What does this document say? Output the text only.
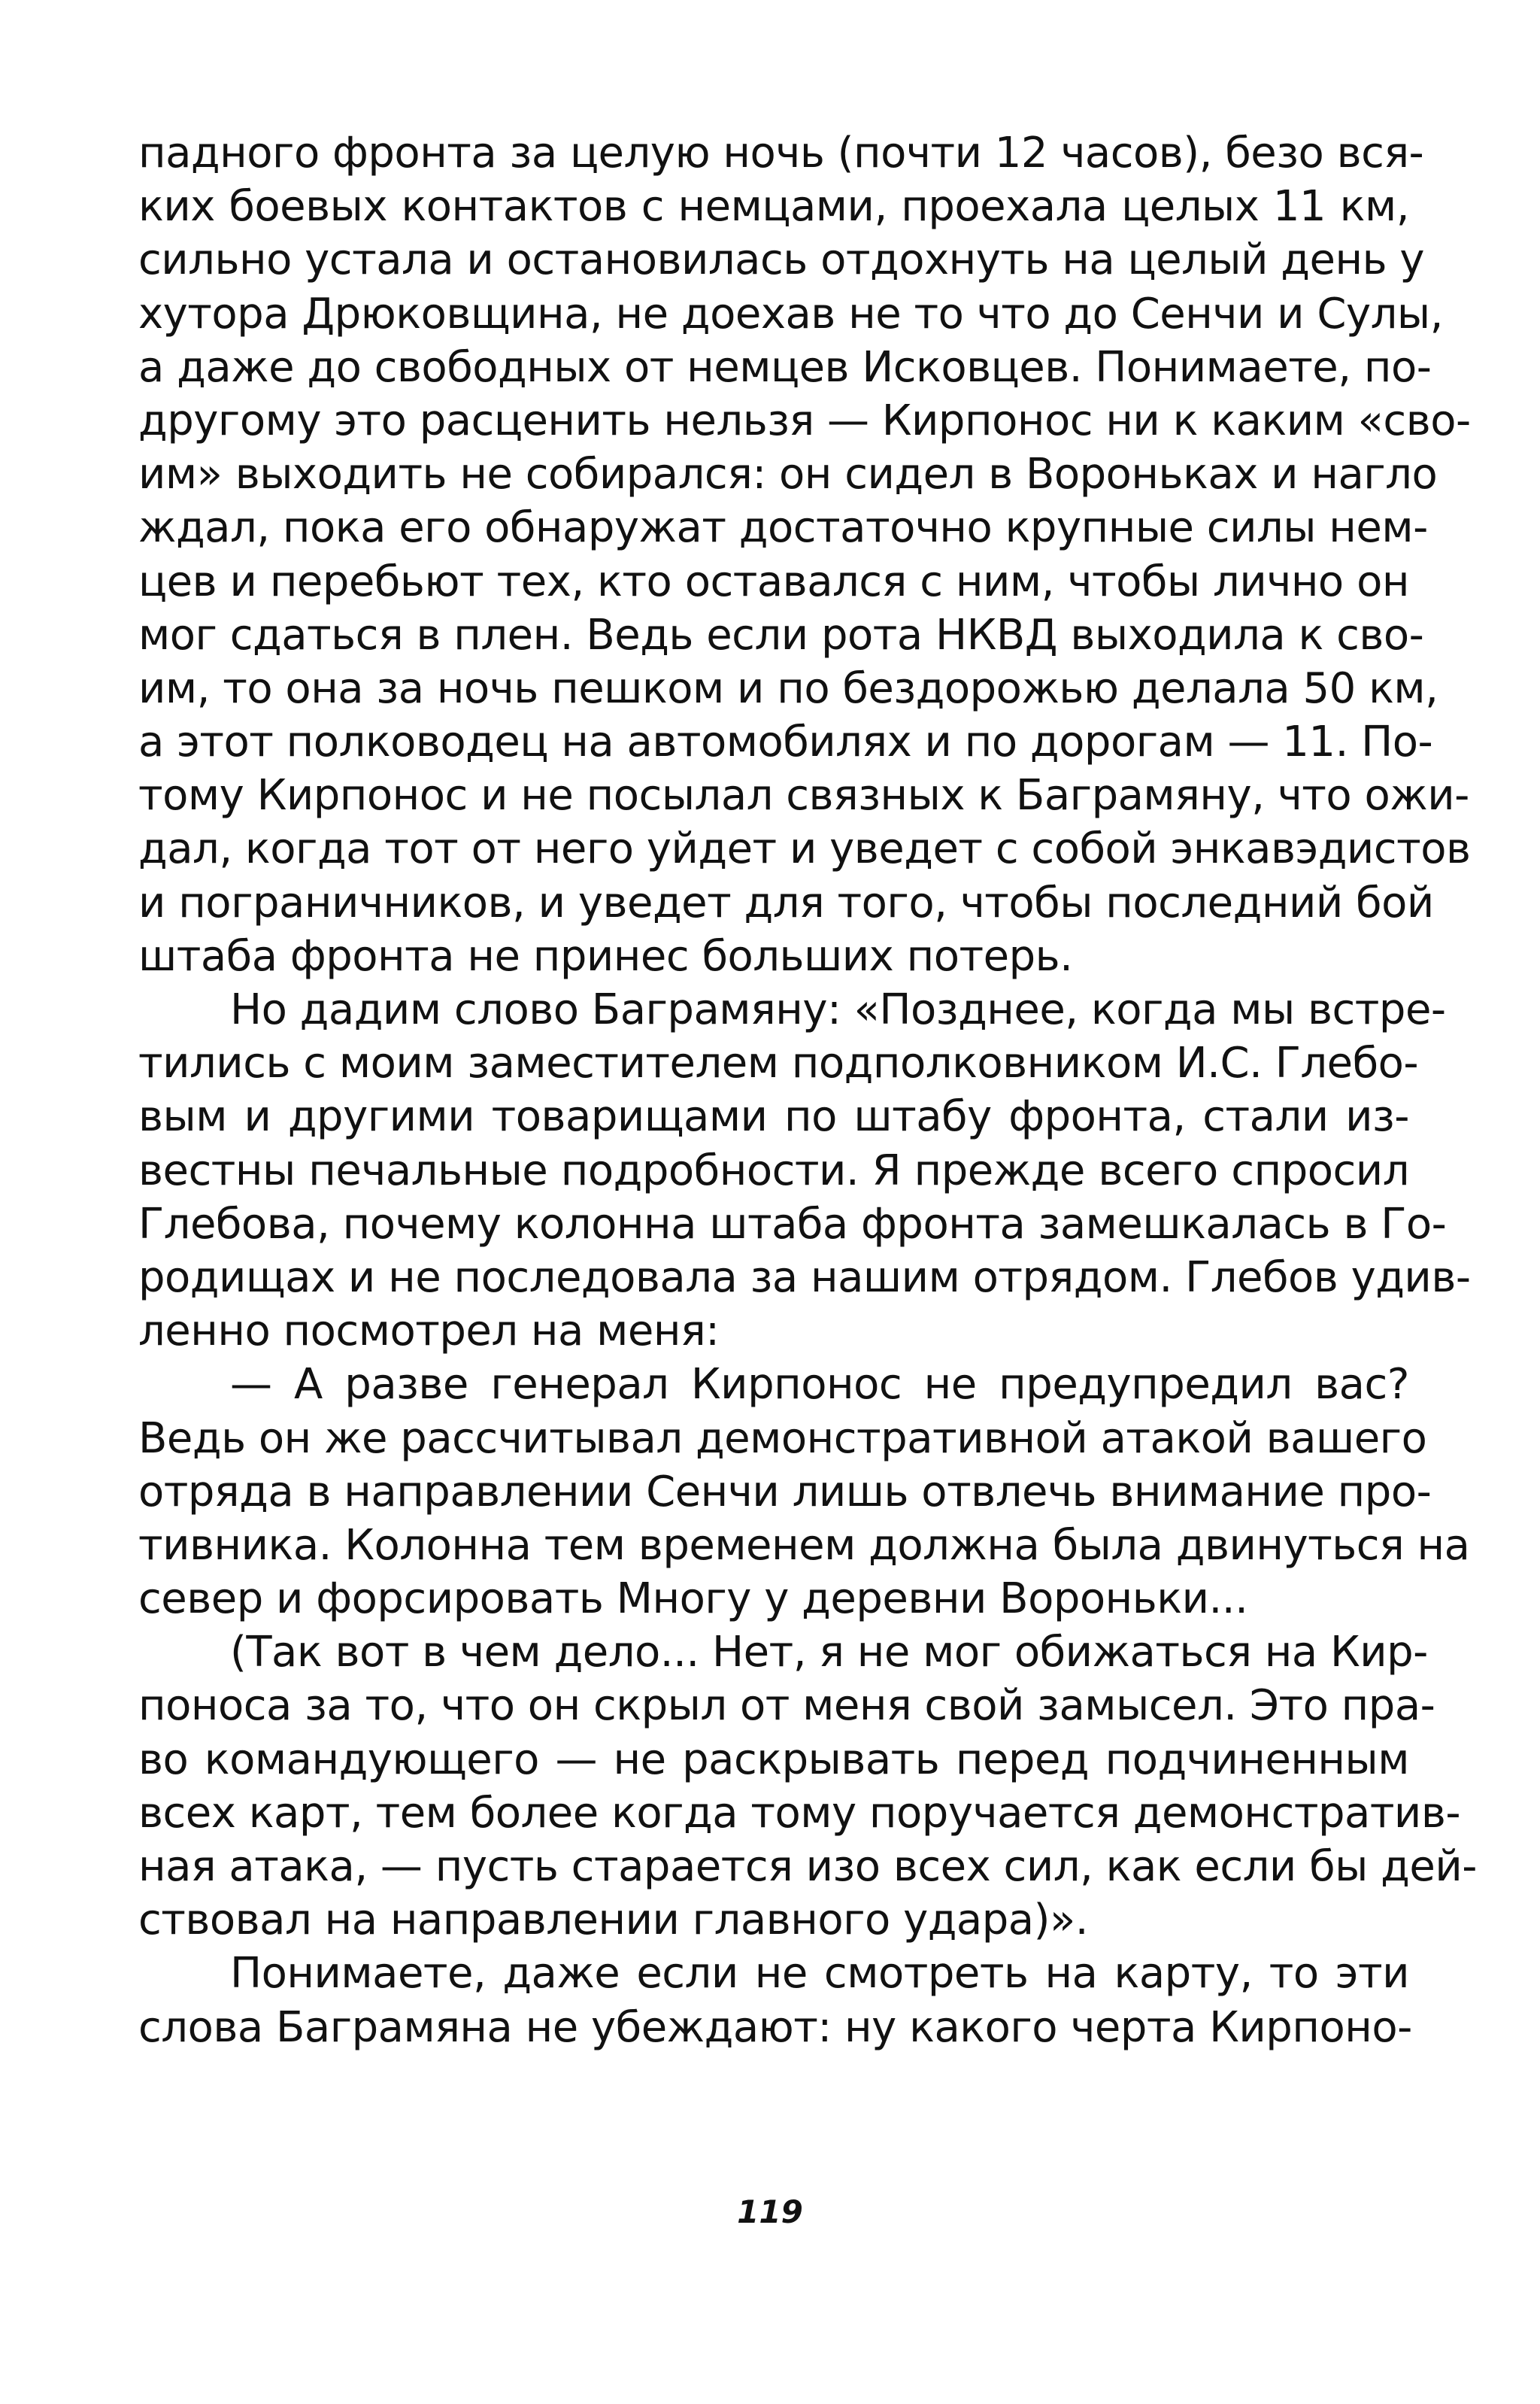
падного фронта за целую ночь (почти 12 часов), безо вся-
ких боевых контактов с немцами, проехала целых 11 км,
сильно устала и остановилась отдохнуть на целый день у
хутора Дрюковщина, не доехав не то что до Сенчи и Сулы,
а даже до свободных от немцев Исковцев. Понимаете, по-
другому это расценить нельзя — Кирпонос ни к каким «сво-
им» выходить не собирался: он сидел в Вороньках и нагло
ждал, пока его обнаружат достаточно крупные силы нем-
цев и перебьют тех, кто оставался с ним, чтобы лично он
мог сдаться в плен. Ведь если рота НКВД выходила к сво-
им, то она за ночь пешком и по бездорожью делала 50 км,
а этот полководец на автомобилях и по дорогам — 11. По-
тому Кирпонос и не посылал связных к Баграмяну, что ожи-
дал, когда тот от него уйдет и уведет с собой энкавэдистов
и пограничников, и уведет для того, чтобы последний бой
штаба фронта не принес больших потерь.
Но дадим слово Баграмяну: «Позднее, когда мы встре-
тились с моим заместителем подполковником И.С. Глебо-
вым и другими товарищами по штабу фронта, стали из-
вестны печальные подробности. Я прежде всего спросил
Глебова, почему колонна штаба фронта замешкалась в Го-
родищах и не последовала за нашим отрядом. Глебов удив-
ленно посмотрел на меня:
— А разве генерал Кирпонос не предупредил вас?
Ведь он же рассчитывал демонстративной атакой вашего
отряда в направлении Сенчи лишь отвлечь внимание про-
тивника. Колонна тем временем должна была двинуться на
север и форсировать Многу у деревни Вороньки...
(Так вот в чем дело... Нет, я не мог обижаться на Кир-
поноса за то, что он скрыл от меня свой замысел. Это пра-
во командующего — не раскрывать перед подчиненным
всех карт, тем более когда тому поручается демонстратив-
ная атака, — пусть старается изо всех сил, как если бы дей-
ствовал на направлении главного удара)».
Понимаете, даже если не смотреть на карту, то эти
слова Баграмяна не убеждают: ну какого черта Кирпоно-
119
